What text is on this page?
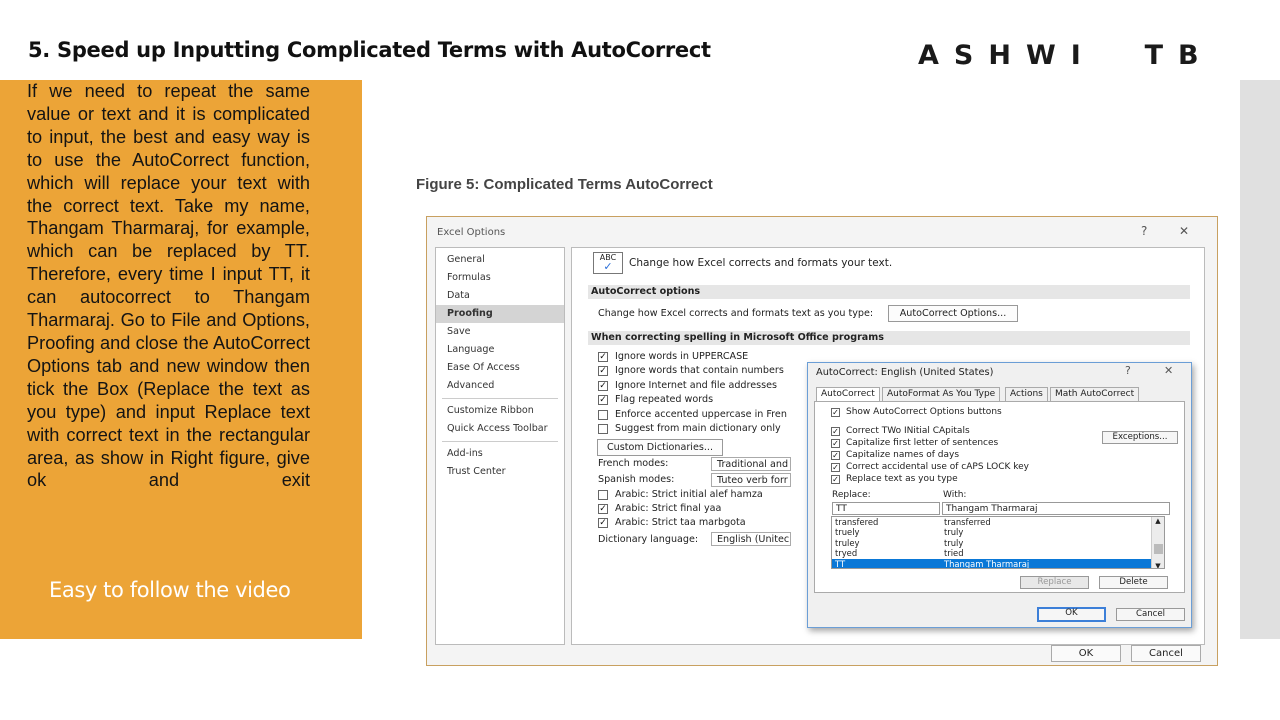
5. Speed up Inputting Complicated Terms with AutoCorrect	ASHWI  TB
If we need to repeat the same value or text and it is complicated to input, the best and easy way is to use the AutoCorrect function, which will replace your text with the correct text. Take my name, Thangam Tharmaraj, for example, which can be replaced by TT. Therefore, every time I input TT, it can autocorrect to Thangam Tharmaraj. Go to File and Options, Proofing and close the AutoCorrect Options tab and new window then tick the Box (Replace the text as you type) and input Replace text with correct text in the rectangular area, as show in Right figure, give ok and exit
Easy to follow the video
Figure 5: Complicated Terms AutoCorrect
Excel Options	?	✕
General
Formulas
Data
Proofing
Save
Language
Ease Of Access
Advanced
Customize Ribbon
Quick Access Toolbar
Add-ins
Trust Center
ABC
✓	Change how Excel corrects and formats your text.
AutoCorrect options
Change how Excel corrects and formats text as you type:	AutoCorrect Options...
When correcting spelling in Microsoft Office programs
✓ Ignore words in UPPERCASE
✓ Ignore words that contain numbers
✓ Ignore Internet and file addresses
✓ Flag repeated words
Enforce accented uppercase in Fren
Suggest from main dictionary only
Custom Dictionaries...
French modes:	Traditional and
Spanish modes:	Tuteo verb forr
Arabic: Strict initial alef hamza
✓ Arabic: Strict final yaa
✓ Arabic: Strict taa marbgota
Dictionary language:	English (Unitec
OK	Cancel
AutoCorrect: English (United States)	?	✕
AutoCorrect	AutoFormat As You Type	Actions	Math AutoCorrect
✓ Show AutoCorrect Options buttons
✓ Correct TWo INitial CApitals
✓ Capitalize first letter of sentences
✓ Capitalize names of days
✓ Correct accidental use of cAPS LOCK key
✓ Replace text as you type
Exceptions...
Replace:	With:
TT	Thangam Tharmaraj
transfered	transferred
truely	truly
truley	truly
tryed	tried
TT	Thangam Tharmaraj
▲
▼
Replace	Delete
OK	Cancel
